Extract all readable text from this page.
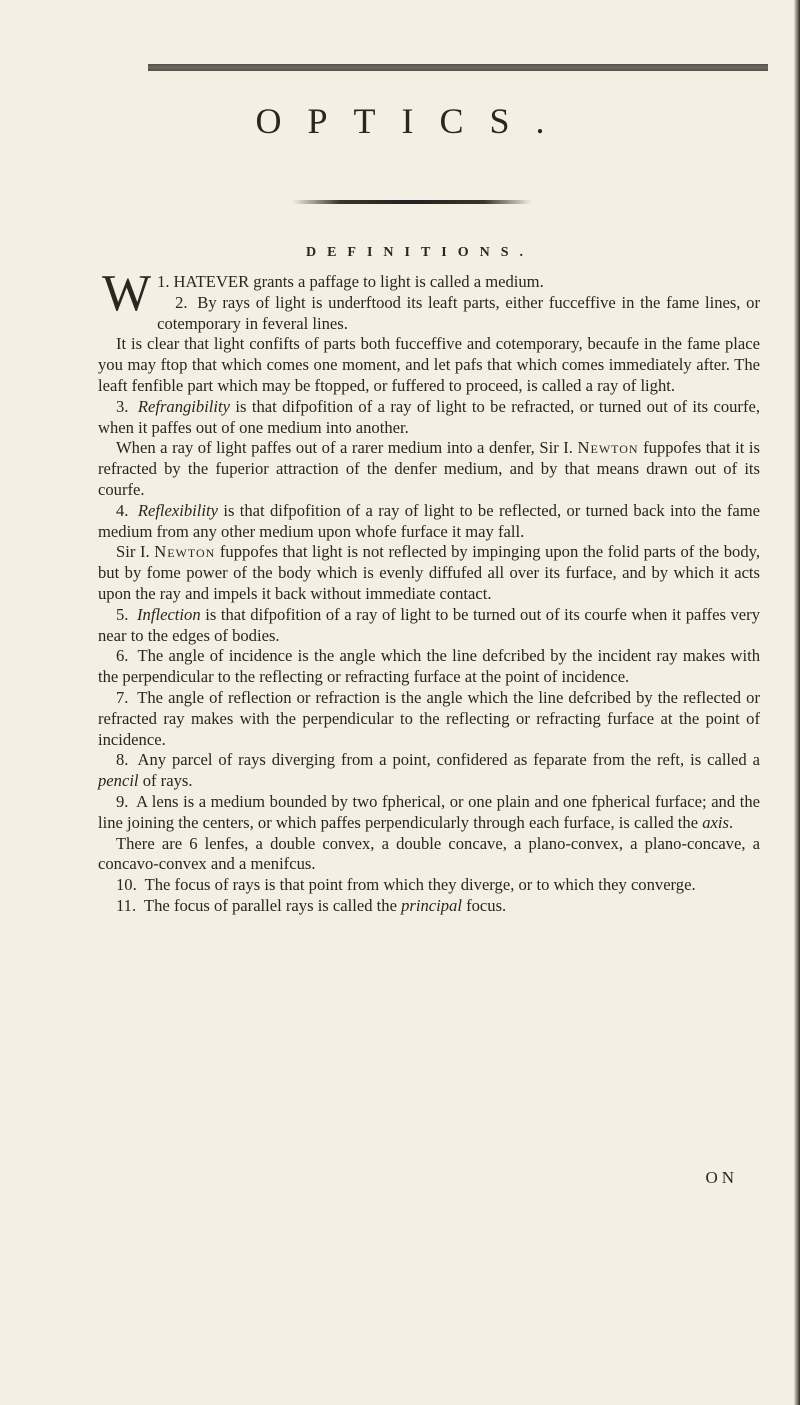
OPTICS.
DEFINITIONS.

1.
W HATEVER grants a paffage to light is called a medium.

2. By rays of light is underftood its leaft parts, either fucceffive in the fame lines, or cotemporary in feveral lines.

It is clear that light confifts of parts both fucceffive and cotemporary, becaufe in the fame place you may ftop that which comes one moment, and let pafs that which comes immediately after. The leaft fenfible part which may be ftopped, or fuffered to proceed, is called a ray of light.

3. Refrangibility is that difpofition of a ray of light to be refracted, or turned out of its courfe, when it paffes out of one medium into another.

When a ray of light paffes out of a rarer medium into a denfer, Sir I. Newton fuppofes that it is refracted by the fuperior attraction of the denfer medium, and by that means drawn out of its courfe.

4. Reflexibility is that difpofition of a ray of light to be reflected, or turned back into the fame medium from any other medium upon whofe furface it may fall.

Sir I. Newton fuppofes that light is not reflected by impinging upon the folid parts of the body, but by fome power of the body which is evenly diffufed all over its furface, and by which it acts upon the ray and impels it back without immediate contact.

5. Inflection is that difpofition of a ray of light to be turned out of its courfe when it paffes very near to the edges of bodies.

6. The angle of incidence is the angle which the line defcribed by the incident ray makes with the perpendicular to the reflecting or refracting furface at the point of incidence.

7. The angle of reflection or refraction is the angle which the line defcribed by the reflected or refracted ray makes with the perpendicular to the reflecting or refracting furface at the point of incidence.

8. Any parcel of rays diverging from a point, confidered as feparate from the reft, is called a pencil of rays.

9. A lens is a medium bounded by two fpherical, or one plain and one fpherical furface; and the line joining the centers, or which paffes perpendicularly through each furface, is called the axis.

There are 6 lenfes, a double convex, a double concave, a plano-convex, a plano-concave, a concavo-convex and a menifcus.

10. The focus of rays is that point from which they diverge, or to which they converge.

11. The focus of parallel rays is called the principal focus.

ON
